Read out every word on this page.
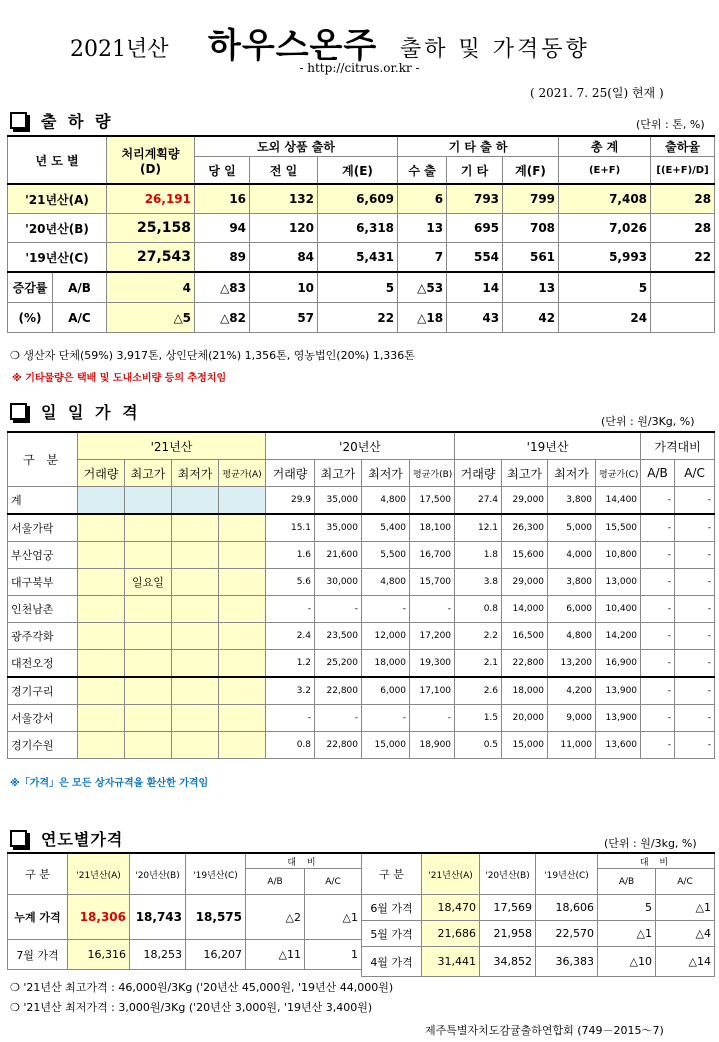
2021년산 하우스온주 출하 및 가격동향
- http://citrus.or.kr -
( 2021. 7. 25(일) 현재 )
출 하 량	(단위 : 톤, %)
년 도 별		처리계획량
(D)	도외 상품 출하			기 타 출 하			총 계	출하율
			당 일	전 일	계(E)	수 출	기 타	계(F)	(E+F)	[(E+F)/D]
'21년산(A)		26,191	16	132	6,609	6	793	799	7,408	28
'20년산(B)		25,158	94	120	6,318	13	695	708	7,026	28
'19년산(C)		27,543	89	84	5,431	7	554	561	5,993	22
증감률	A/B	4	△83	10	5	△53	14	13	5	
(%)	A/C	△5	△82	57	22	△18	43	42	24	
❍ 생산자 단체(59%) 3,917톤, 상인단체(21%) 1,356톤, 영농법인(20%) 1,336톤
※ 기타물량은 택배 및 도내소비량 등의 추정치임
일 일 가 격	(단위 : 원/3Kg, %)
구 분	'21년산				'20년산				'19년산				가격대비	
	거래량	최고가	최저가	평균가(A)	거래량	최고가	최저가	평균가(B)	거래량	최고가	최저가	평균가(C)	A/B	A/C
계					29.9	35,000	4,800	17,500	27.4	29,000	3,800	14,400	-	-
서울가락					15.1	35,000	5,400	18,100	12.1	26,300	5,000	15,500	-	-
부산엄궁					1.6	21,600	5,500	16,700	1.8	15,600	4,000	10,800	-	-
대구북부		일요일			5.6	30,000	4,800	15,700	3.8	29,000	3,800	13,000	-	-
인천남촌					-	-	-	-	0.8	14,000	6,000	10,400	-	-
광주각화					2.4	23,500	12,000	17,200	2.2	16,500	4,800	14,200	-	-
대전오정					1.2	25,200	18,000	19,300	2.1	22,800	13,200	16,900	-	-
경기구리					3.2	22,800	6,000	17,100	2.6	18,000	4,200	13,900	-	-
서울강서					-	-	-	-	1.5	20,000	9,000	13,900	-	-
경기수원					0.8	22,800	15,000	18,900	0.5	15,000	11,000	13,600	-	-
※「가격」은 모든 상자규격을 환산한 가격임
연도별가격	(단위 : 원/3kg, %)
구 분	'21년산(A)	'20년산(B)	'19년산(C)	대 비	
				A/B	A/C
누계 가격	18,306	18,743	18,575	△2	△1
7월 가격	16,316	18,253	16,207	△11	1
구 분	'21년산(A)	'20년산(B)	'19년산(C)	대 비	
				A/B	A/C
6월 가격	18,470	17,569	18,606	5	△1
5월 가격	21,686	21,958	22,570	△1	△4
4월 가격	31,441	34,852	36,383	△10	△14
❍ '21년산 최고가격 : 46,000원/3Kg ('20년산 45,000원, '19년산 44,000원)
❍ '21년산 최저가격 : 3,000원/3Kg ('20년산 3,000원, '19년산 3,400원)
제주특별자치도감귤출하연합회 (749－2015～7)
